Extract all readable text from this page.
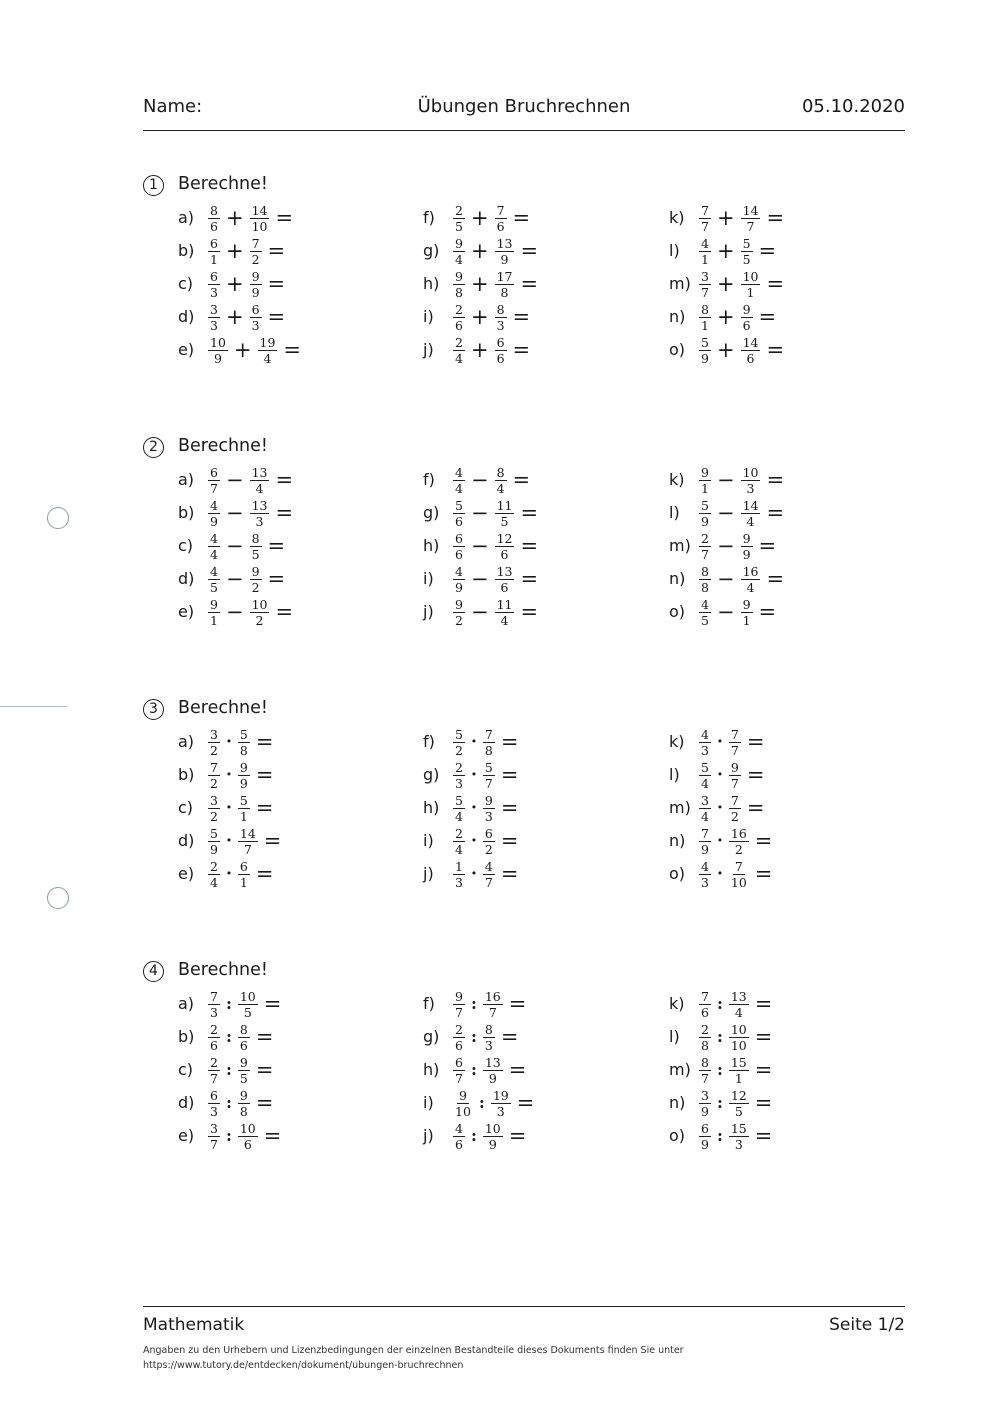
Name:	Übungen Bruchrechnen	05.10.2020
1	Berechne!
$a) \frac{8}{6} + \frac{14}{10}$ =
$b) \frac{6}{1} + \frac{7}{2}$ =
$c) \frac{6}{3} + \frac{9}{9}$ =
$d) \frac{3}{3} + \frac{6}{3}$ =
$e) \frac{10}{9} + \frac{19}{4}$ =
$f) \frac{2}{5} + \frac{7}{6}$ =
$g) \frac{9}{4} + \frac{13}{9}$ =
$h) \frac{9}{8} + \frac{17}{8}$ =
$i) \frac{2}{6} + \frac{8}{3}$ =
$j) \frac{2}{4} + \frac{6}{6}$ =
$k) \frac{7}{7} + \frac{14}{7}$ =
$l) \frac{4}{1} + \frac{5}{5}$ =
$m) \frac{3}{7} + \frac{10}{1}$ =
$n) \frac{8}{1} + \frac{9}{6}$ =
$o) \frac{5}{9} + \frac{14}{6}$ =
2	Berechne!
$a) \frac{6}{7} - \frac{13}{4}$ =
$b) \frac{4}{9} - \frac{13}{3}$ =
$c) \frac{4}{4} - \frac{8}{5}$ =
$d) \frac{4}{5} - \frac{9}{2}$ =
$e) \frac{9}{1} - \frac{10}{2}$ =
$f) \frac{4}{4} - \frac{8}{4}$ =
$g) \frac{5}{6} - \frac{11}{5}$ =
$h) \frac{6}{6} - \frac{12}{6}$ =
$i) \frac{4}{9} - \frac{13}{6}$ =
$j) \frac{9}{2} - \frac{11}{4}$ =
$k) \frac{9}{1} - \frac{10}{3}$ =
$l) \frac{5}{9} - \frac{14}{4}$ =
$m) \frac{2}{7} - \frac{9}{9}$ =
$n) \frac{8}{8} - \frac{16}{4}$ =
$o) \frac{4}{5} - \frac{9}{1}$ =
3	Berechne!
$a) \frac{3}{2} \cdot \frac{5}{8}$ =
$b) \frac{7}{2} \cdot \frac{9}{9}$ =
$c) \frac{3}{2} \cdot \frac{5}{1}$ =
$d) \frac{5}{9} \cdot \frac{14}{7}$ =
$e) \frac{2}{4} \cdot \frac{6}{1}$ =
$f) \frac{5}{2} \cdot \frac{7}{8}$ =
$g) \frac{2}{3} \cdot \frac{5}{7}$ =
$h) \frac{5}{4} \cdot \frac{9}{3}$ =
$i) \frac{2}{4} \cdot \frac{6}{2}$ =
$j) \frac{1}{3} \cdot \frac{4}{7}$ =
$k) \frac{4}{3} \cdot \frac{7}{7}$ =
$l) \frac{5}{4} \cdot \frac{9}{7}$ =
$m) \frac{3}{4} \cdot \frac{7}{2}$ =
$n) \frac{7}{9} \cdot \frac{16}{2}$ =
$o) \frac{4}{3} \cdot \frac{7}{10}$ =
4	Berechne!
$a) \frac{7}{3}$ : $\frac{10}{5}$ =
$b) \frac{2}{6}$ : $\frac{8}{6}$ =
$c) \frac{2}{7}$ : $\frac{9}{5}$ =
$d) \frac{6}{3}$ : $\frac{9}{8}$ =
$e) \frac{3}{7}$ : $\frac{10}{6}$ =
$f) \frac{9}{7}$ : $\frac{16}{7}$ =
$g) \frac{2}{6}$ : $\frac{8}{3}$ =
$h) \frac{6}{7}$ : $\frac{13}{9}$ =
$i) \frac{9}{10}$ : $\frac{19}{3}$ =
$j) \frac{4}{6}$ : $\frac{10}{9}$ =
$k) \frac{7}{6}$ : $\frac{13}{4}$ =
$l) \frac{2}{8}$ : $\frac{10}{10}$ =
$m) \frac{8}{7}$ : $\frac{15}{1}$ =
$n) \frac{3}{9}$ : $\frac{12}{5}$ =
$o) \frac{6}{9}$ : $\frac{15}{3}$ =
Mathematik	Seite 1/2
Angaben zu den Urhebern und Lizenzbedingungen der einzelnen Bestandteile dieses Dokuments finden Sie unter
https://www.tutory.de/entdecken/dokument/ubungen-bruchrechnen
